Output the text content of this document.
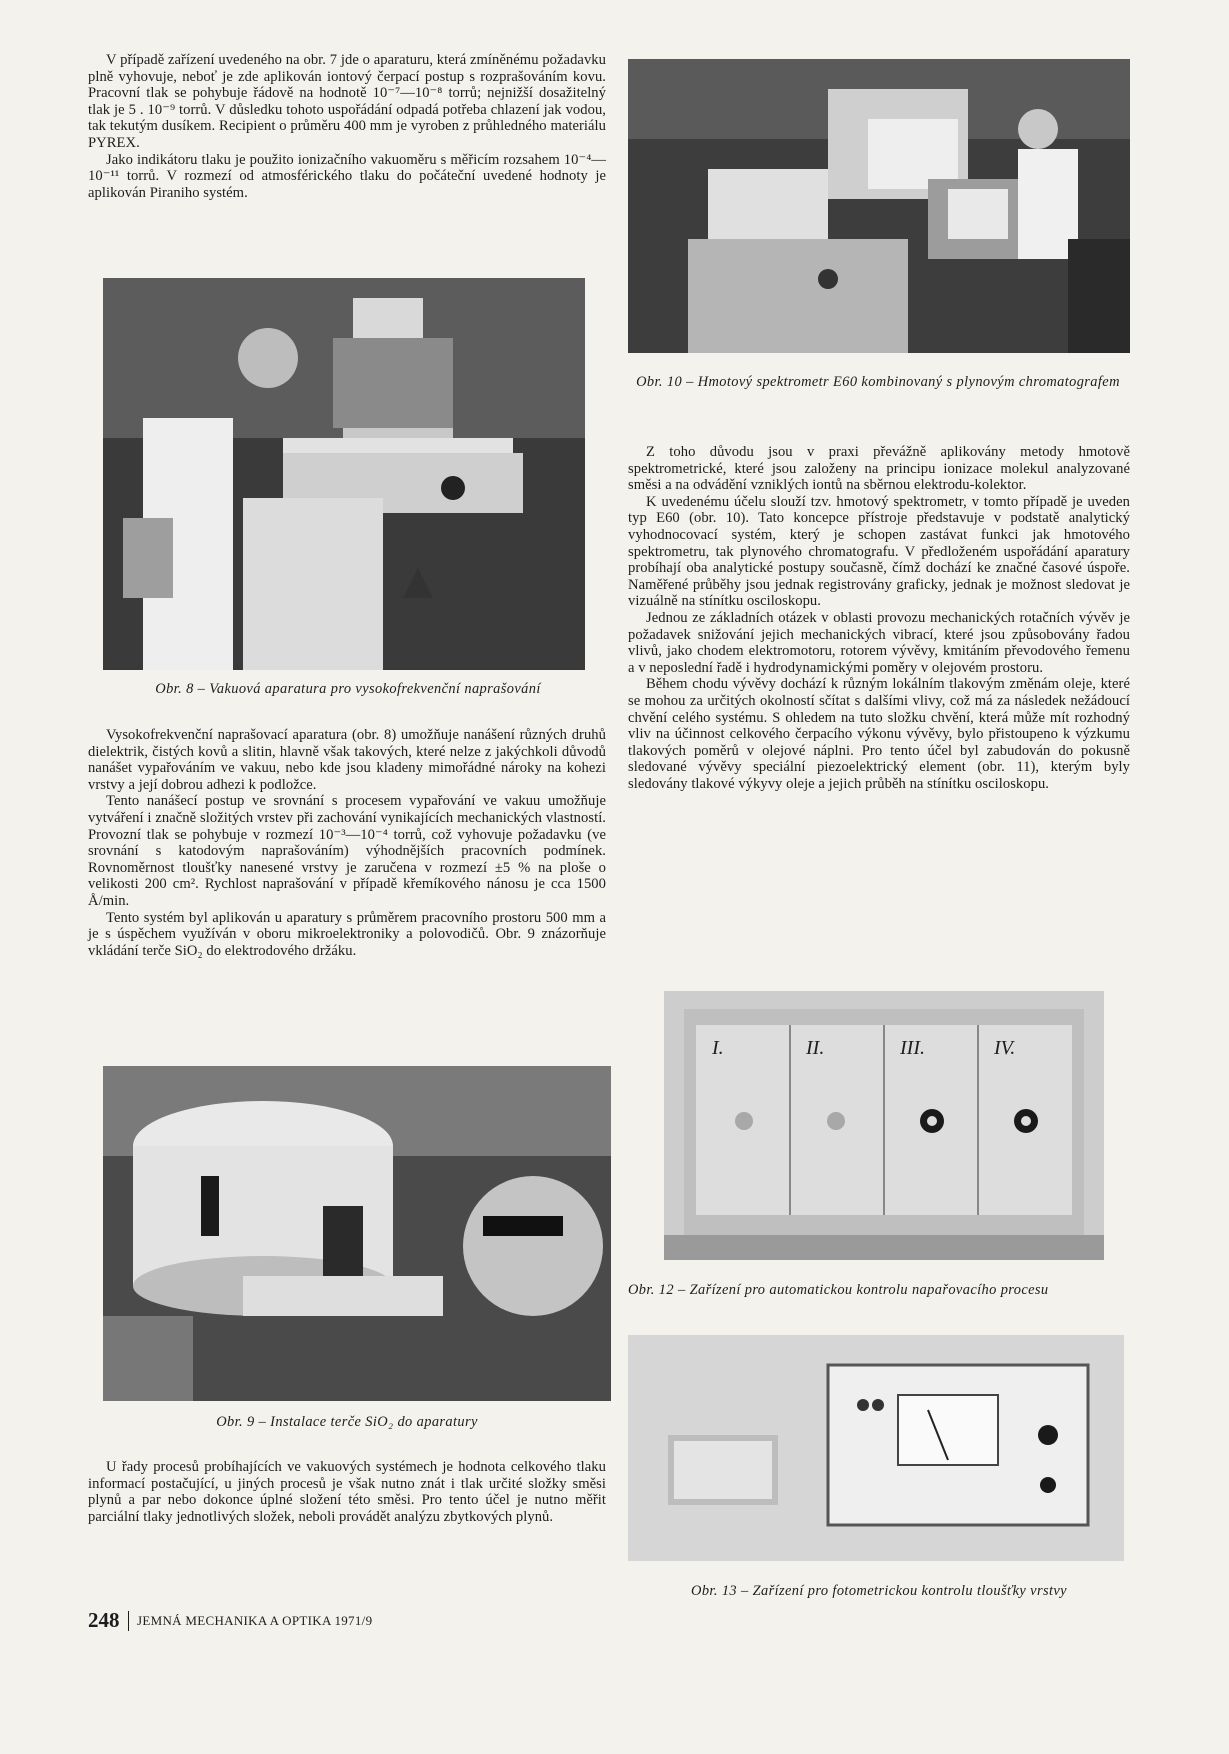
V případě zařízení uvedeného na obr. 7 jde o aparaturu, která zmíněnému požadavku plně vyhovuje, neboť je zde aplikován iontový čerpací postup s rozprašováním kovu. Pracovní tlak se pohybuje řádově na hodnotě 10⁻⁷—10⁻⁸ torrů; nejnižší dosažitelný tlak je 5 . 10⁻⁹ torrů. V důsledku tohoto uspořádání odpadá potřeba chlazení jak vodou, tak tekutým dusíkem. Recipient o průměru 400 mm je vyroben z průhledného materiálu PYREX.

Jako indikátoru tlaku je použito ionizačního vakuoměru s měřicím rozsahem 10⁻⁴—10⁻¹¹ torrů. V rozmezí od atmosférického tlaku do počáteční uvedené hodnoty je aplikován Piraniho systém.

Obr. 8 – Vakuová aparatura pro vysokofrekvenční naprašování

Vysokofrekvenční naprašovací aparatura (obr. 8) umožňuje nanášení různých druhů dielektrik, čistých kovů a slitin, hlavně však takových, které nelze z jakýchkoli důvodů nanášet vypařováním ve vakuu, nebo kde jsou kladeny mimořádné nároky na kohezi vrstvy a její dobrou adhezi k podložce.

Tento nanášecí postup ve srovnání s procesem vypařování ve vakuu umožňuje vytváření i značně složitých vrstev při zachování vynikajících mechanických vlastností. Provozní tlak se pohybuje v rozmezí 10⁻³—10⁻⁴ torrů, což vyhovuje požadavku (ve srovnání s katodovým naprašováním) výhodnějších pracovních podmínek. Rovnoměrnost tloušťky nanesené vrstvy je zaručena v rozmezí ±5 % na ploše o velikosti 200 cm². Rychlost naprašování v případě křemíkového nánosu je cca 1500 Å/min.

Tento systém byl aplikován u aparatury s průměrem pracovního prostoru 500 mm a je s úspěchem využíván v oboru mikroelektroniky a polovodičů. Obr. 9 znázorňuje vkládání terče SiO₂ do elektrodového držáku.

Obr. 9 – Instalace terče SiO₂ do aparatury

U řady procesů probíhajících ve vakuových systémech je hodnota celkového tlaku informací postačující, u jiných procesů je však nutno znát i tlak určité složky směsi plynů a par nebo dokonce úplné složení této směsi. Pro tento účel je nutno měřit parciální tlaky jednotlivých složek, neboli provádět analýzu zbytkových plynů.

Obr. 10 – Hmotový spektrometr E60 kombinovaný s plynovým chromatografem

Z toho důvodu jsou v praxi převážně aplikovány metody hmotově spektrometrické, které jsou založeny na principu ionizace molekul analyzované směsi a na odvádění vzniklých iontů na sběrnou elektrodu-kolektor.

K uvedenému účelu slouží tzv. hmotový spektrometr, v tomto případě je uveden typ E60 (obr. 10). Tato koncepce přístroje představuje v podstatě analytický vyhodnocovací systém, který je schopen zastávat funkci jak hmotového spektrometru, tak plynového chromatografu. V předloženém uspořádání aparatury probíhají oba analytické postupy současně, čímž dochází ke značné časové úspoře. Naměřené průběhy jsou jednak registrovány graficky, jednak je možnost sledovat je vizuálně na stínítku osciloskopu.

Jednou ze základních otázek v oblasti provozu mechanických rotačních vývěv je požadavek snižování jejich mechanických vibrací, které jsou způsobovány řadou vlivů, jako chodem elektromotoru, rotorem vývěvy, kmitáním převodového řemenu a v neposlední řadě i hydrodynamickými poměry v olejovém prostoru.

Během chodu vývěvy dochází k různým lokálním tlakovým změnám oleje, které se mohou za určitých okolností sčítat s dalšími vlivy, což má za následek nežádoucí chvění celého systému. S ohledem na tuto složku chvění, která může mít rozhodný vliv na účinnost celkového čerpacího výkonu vývěvy, bylo přistoupeno k výzkumu tlakových poměrů v olejové náplni. Pro tento účel byl zabudován do pokusně sledované vývěvy speciální piezoelektrický element (obr. 11), kterým byly sledovány tlakové výkyvy oleje a jejich průběh na stínítku osciloskopu.

I.	II.	III.	IV.
Obr. 12 – Zařízení pro automatickou kontrolu napařovacího procesu
Obr. 13 – Zařízení pro fotometrickou kontrolu tloušťky vrstvy
248 JEMNÁ MECHANIKA A OPTIKA 1971/9
